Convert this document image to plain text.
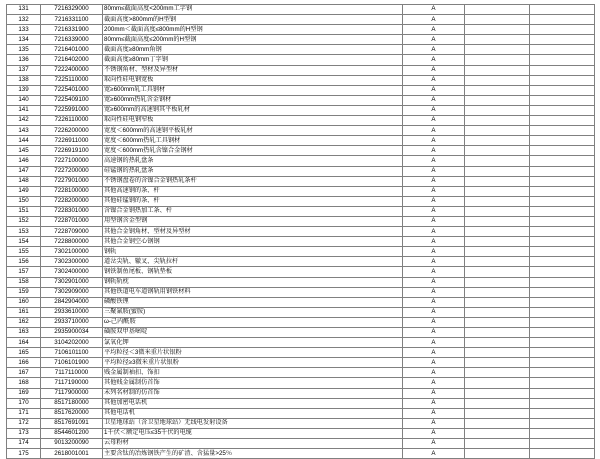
131	7216329000	80mm≤截面高度<200mm工字钢	A		
132	7216331100	截面高度>800mm的H型钢	A		
133	7216331900	200mm＜截面高度≤800mm的H型钢	A		
134	7216339000	80mm≤截面高度≤200mm的H型钢	A		
135	7216401000	截面高度≥80mm角钢	A		
136	7216402000	截面高度≥80mm丁字钢	A		
137	7222400000	不锈钢角材、型材及异型材	A		
138	7225110000	取向性硅电钢宽板	A		
139	7225401000	宽≥600mm轧工具钢材	A		
140	7225409100	宽≥600mm热轧含金钢材	A		
141	7225991000	宽≥600mm的高速钢其平板轧材	A		
142	7226110000	取向性硅电钢窄板	A		
143	7226200000	宽度＜600mm的高速钢平板轧材	A		
144	7226911000	宽度＜600mm热轧工具钢材	A		
145	7226919100	宽度＜600mm热轧含镍合金钢材	A		
146	7227100000	高速钢的热轧盘条	A		
147	7227200000	硅锰钢的热轧盘条	A		
148	7227901000	不锈钢盘卷的含镍合金钢热轧条杆	A		
149	7228100000	其他高速钢的条、杆	A		
150	7228200000	其他硅锰钢的条、杆	A		
151	7228301000	含镍合金钢热加工条、杆	A		
152	7228701000	用型钢含金型钢	A		
153	7228709000	其他合金钢角材、型材及异型材	A		
154	7228800000	其他合金钢空心钢钢	A		
155	7302100000	钢轨	A		
156	7302300000	道岔尖轨、辙叉、尖轨拉杆	A		
157	7302400000	钢铁制鱼尾板、钢轨垫板	A		
158	7302901000	钢轨轨枕	A		
159	7302909000	其他铁道电车道钢轨用钢铁材料	A		
160	2842904000	磷酸铁锂	A		
161	2933610000	三聚氰胺(蜜胺)	A		
162	2933710000	ω-己内酰胺	A		
163	2935900034	磺胺双甲基嘧啶	A		
164	3104202000	氯氧化钾	A		
165	7106101100	平均粒径＜3微米重片状银粉	A		
166	7106101900	平均粒径≥3微米重片状银粉	A		
167	7117110000	贱金属制袖扣、饰扣	A		
168	7117190000	其他贱金属制仿首饰	A		
169	7117900000	未列名材制的仿首饰	A		
170	8517180000	其他加密电话机	A		
171	8517620000	其他电话机	A		
172	8517691091	卫星地球站（含卫星地球站）无线电发射设备	A		
173	8544601200	1千伏＜额定电压≤35千伏的电缆	A		
174	9013200090	云母粉材	A		
175	2618001001	主要含钛的冶炼钢铁产生的矿渣、含猛量>25％	A		
